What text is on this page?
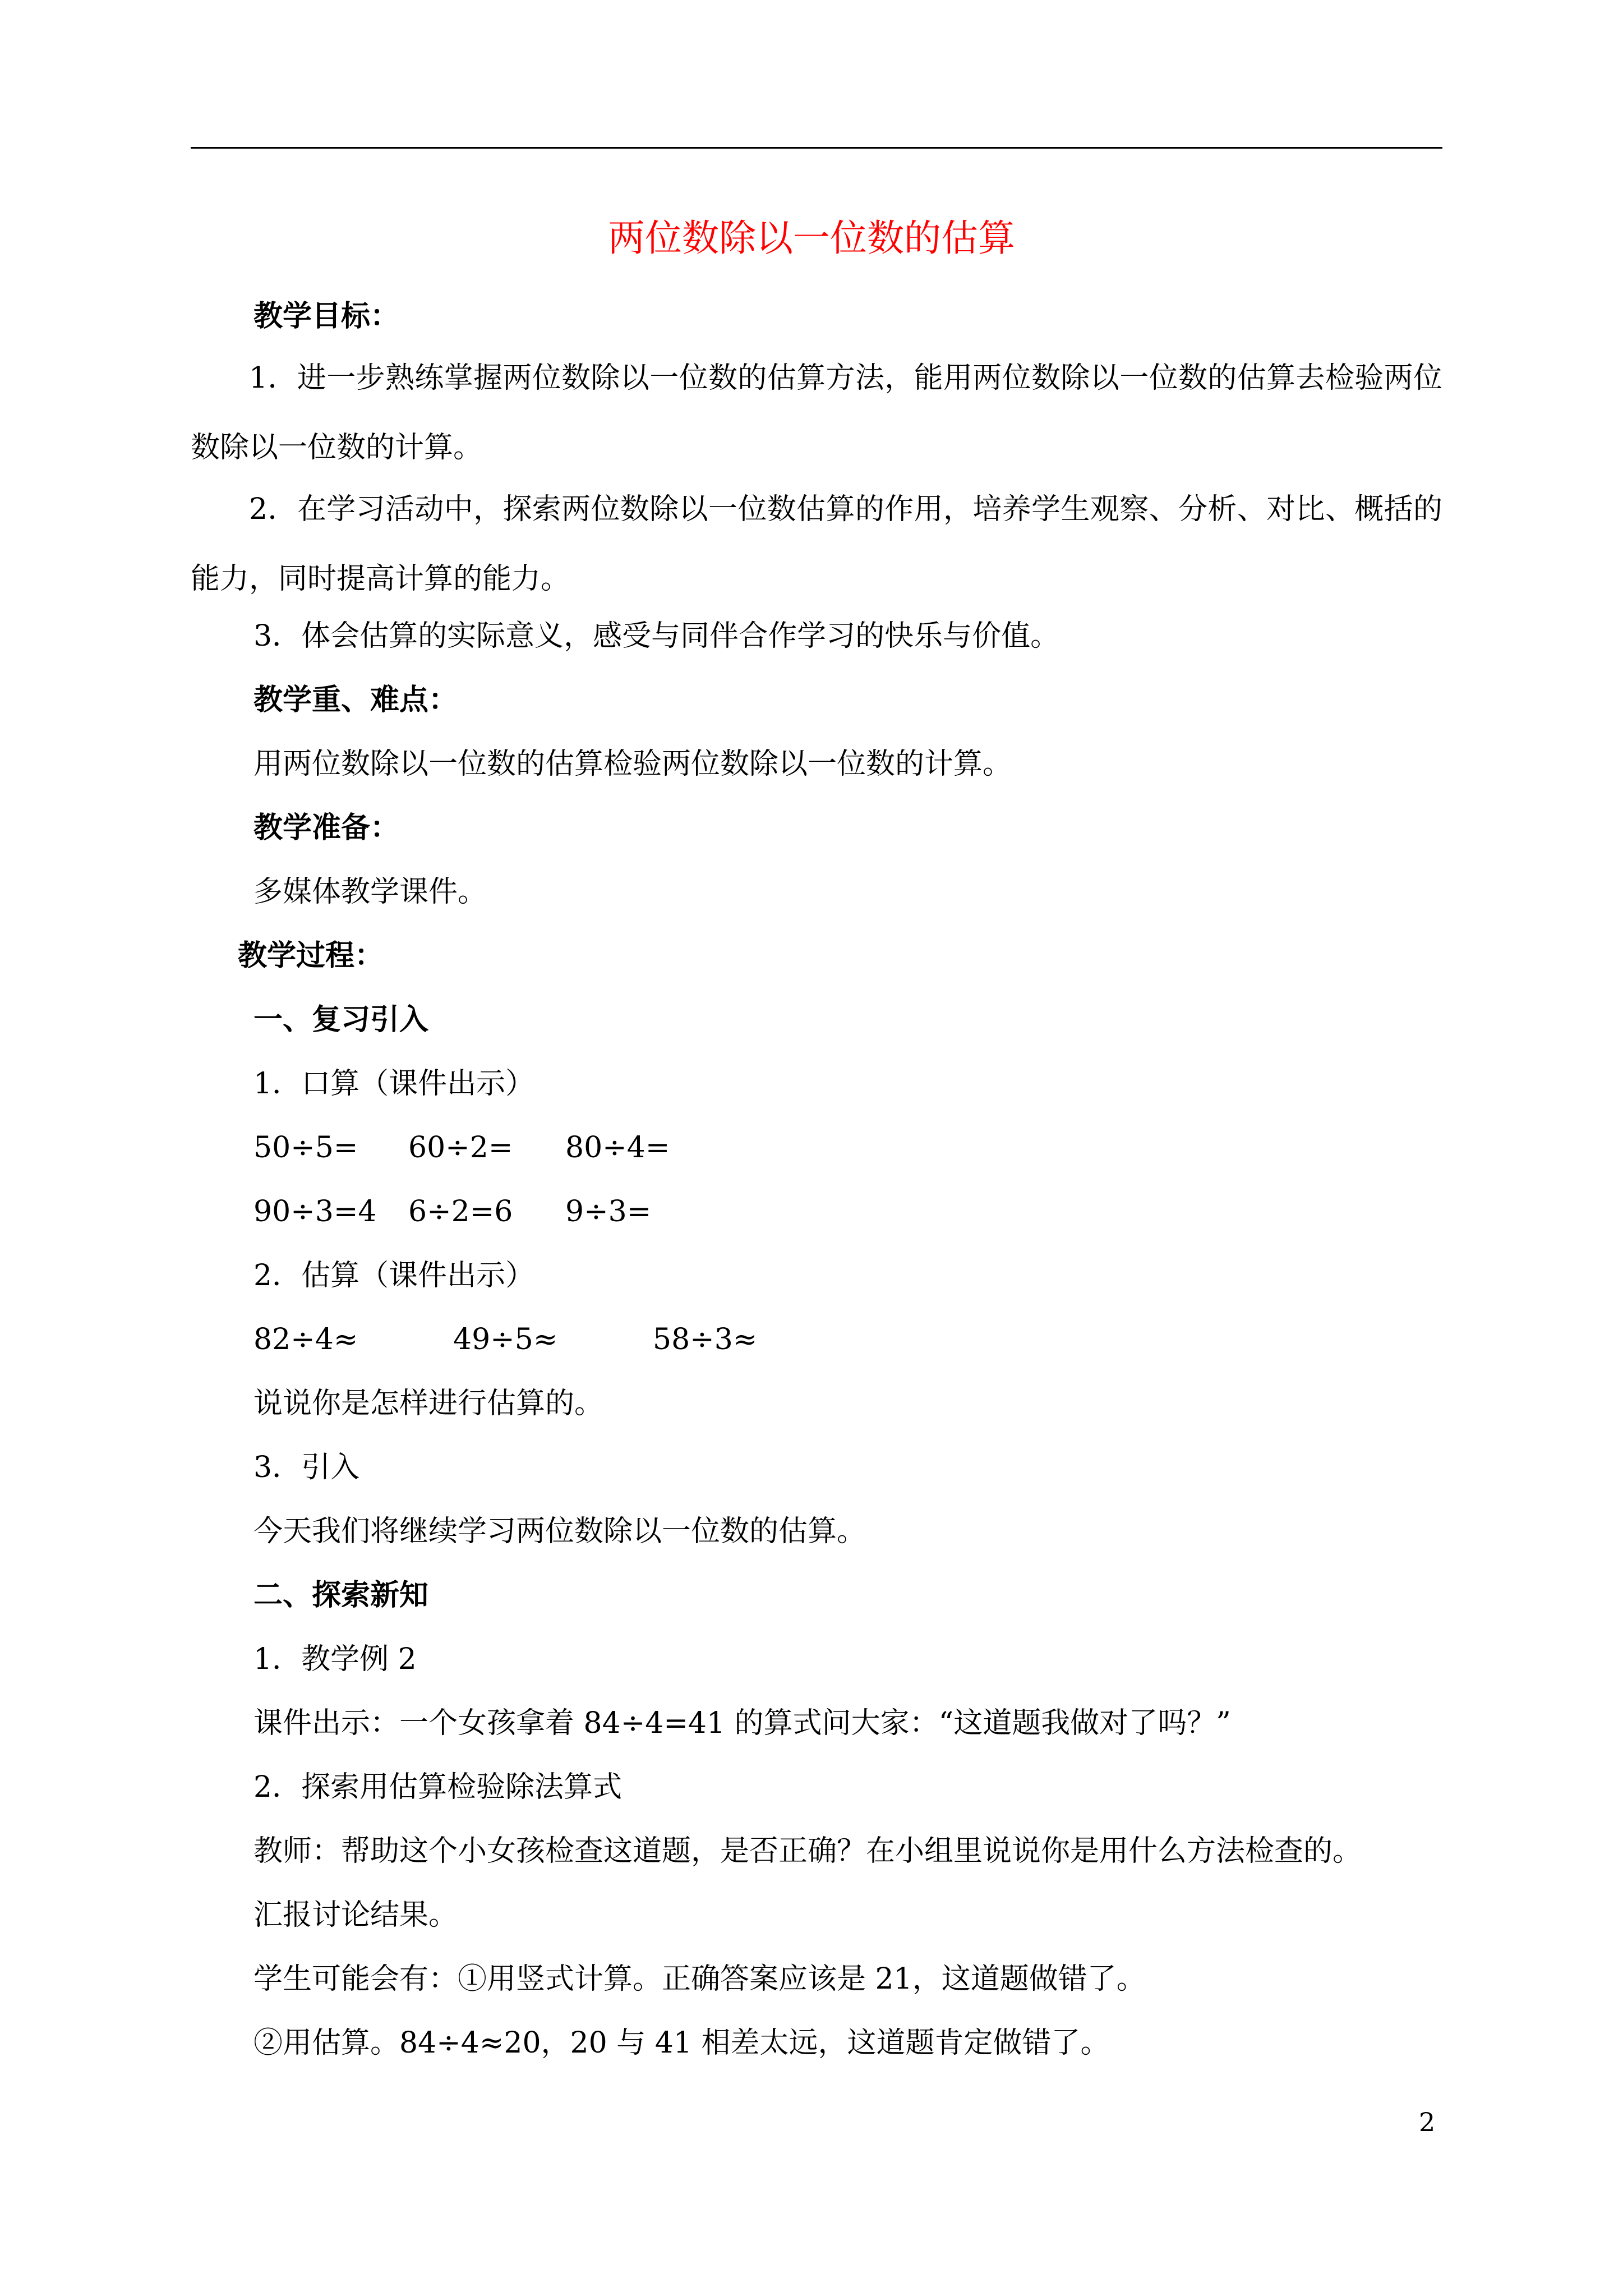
两位数除以一位数的估算
教学目标：
1．进一步熟练掌握两位数除以一位数的估算方法，能用两位数除以一位数的估算去检验两位数除以一位数的计算。
2．在学习活动中，探索两位数除以一位数估算的作用，培养学生观察、分析、对比、概括的能力，同时提高计算的能力。
3．体会估算的实际意义，感受与同伴合作学习的快乐与价值。
教学重、难点：
用两位数除以一位数的估算检验两位数除以一位数的计算。
教学准备：
多媒体教学课件。
教学过程：
一、复习引入
1．口算（课件出示）
50÷5= 60÷2= 80÷4=
90÷3=4 6÷2=6 9÷3=
2．估算（课件出示）
82÷4≈	49÷5≈	58÷3≈
说说你是怎样进行估算的。
3．引入
今天我们将继续学习两位数除以一位数的估算。
二、探索新知
1．教学例 2
课件出示：一个女孩拿着 84÷4=41 的算式问大家：“这道题我做对了吗？”
2．探索用估算检验除法算式
教师：帮助这个小女孩检查这道题，是否正确？在小组里说说你是用什么方法检查的。
汇报讨论结果。
学生可能会有：①用竖式计算。正确答案应该是 21，这道题做错了。
②用估算。84÷4≈20，20 与 41 相差太远，这道题肯定做错了。
2
